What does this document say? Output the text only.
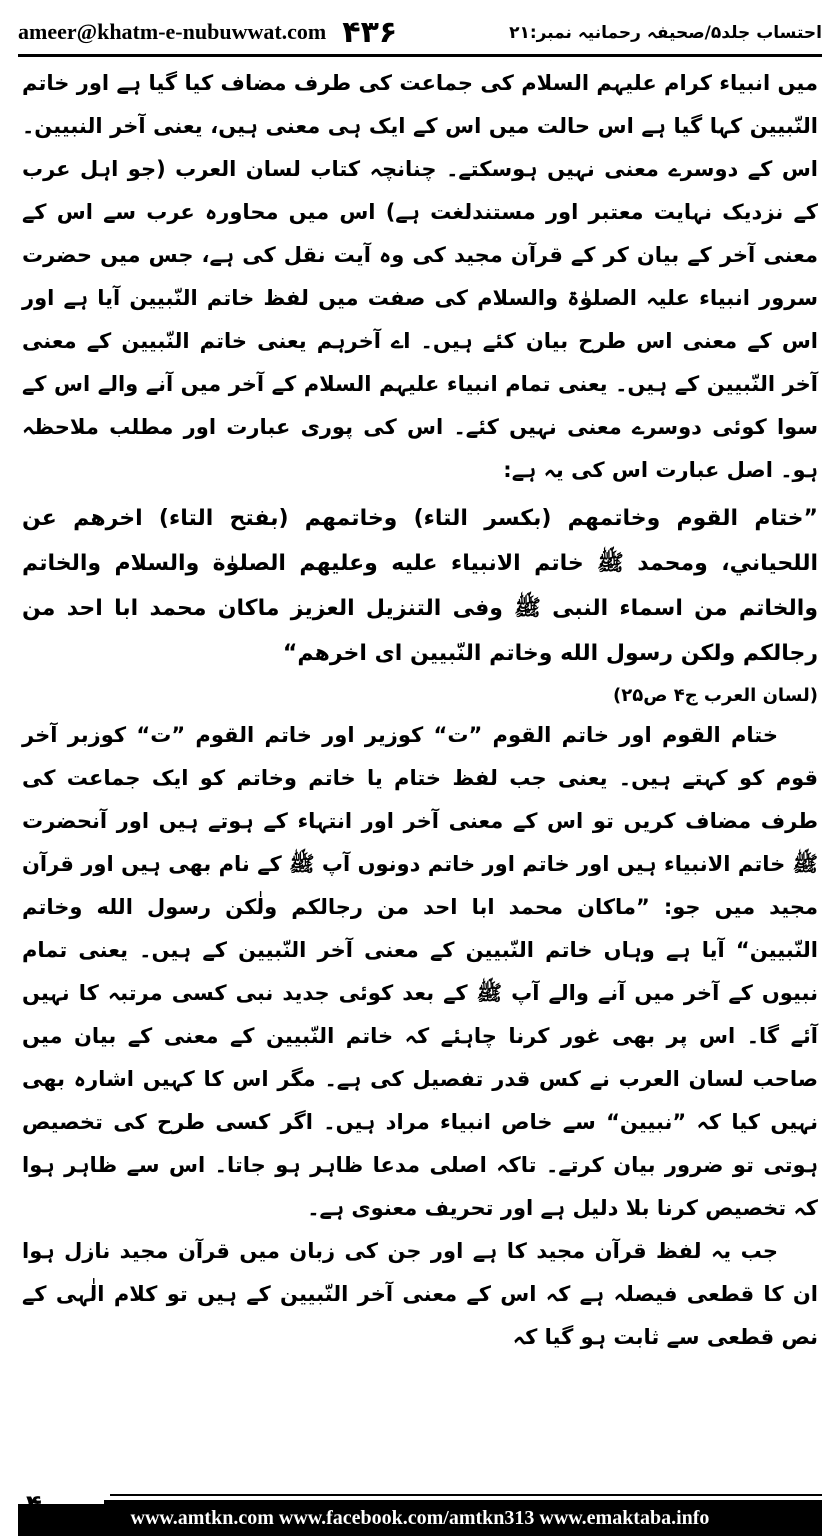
ameer@khatm-e-nubuwwat.com ۴۳۶	احتساب جلد۵/صحیفہ رحمانیہ نمبر:۲۱

میں انبیاء کرام علیہم السلام کی جماعت کی طرف مضاف کیا گیا ہے اور خاتم النّبیین کہا گیا ہے اس حالت میں اس کے ایک ہی معنی ہیں، یعنی آخر النبیین۔ اس کے دوسرے معنی نہیں ہوسکتے۔ چنانچہ کتاب لسان العرب (جو اہل عرب کے نزدیک نہایت معتبر اور مستندلغت ہے) اس میں محاورہ عرب سے اس کے معنی آخر کے بیان کر کے قرآن مجید کی وہ آیت نقل کی ہے، جس میں حضرت سرور انبیاء علیہ الصلوٰۃ والسلام کی صفت میں لفظ خاتم النّبیین آیا ہے اور اس کے معنی اس طرح بیان کئے ہیں۔ اے آخرہم یعنی خاتم النّبیین کے معنی آخر النّبیین کے ہیں۔ یعنی تمام انبیاء علیہم السلام کے آخر میں آنے والے اس کے سوا کوئی دوسرے معنی نہیں کئے۔ اس کی پوری عبارت اور مطلب ملاحظہ ہو۔ اصل عبارت اس کی یہ ہے:

”ختام القوم وخاتمهم (بكسر التاء) وخاتمهم (بفتح التاء) اخرهم عن اللحياني، ومحمد ﷺ خاتم الانبياء عليه وعليهم الصلوٰة والسلام والخاتم والخاتم من اسماء النبى ﷺ وفى التنزيل العزيز ماكان محمد ابا احد من رجالكم ولكن رسول الله وخاتم النّبيين اى اخرهم“

(لسان العرب ج۴ ص۲۵)

ختام القوم اور خاتم القوم ”ت“ کوزیر اور خاتم القوم ”ت“ کوزبر آخر قوم کو کہتے ہیں۔ یعنی جب لفظ ختام یا خاتم وخاتم کو ایک جماعت کی طرف مضاف کریں تو اس کے معنی آخر اور انتہاء کے ہوتے ہیں اور آنحضرت ﷺ خاتم الانبیاء ہیں اور خاتم اور خاتم دونوں آپ ﷺ کے نام بھی ہیں اور قرآن مجید میں جو: ”ماكان محمد ابا احد من رجالكم ولٰكن رسول الله وخاتم النّبيين“ آیا ہے وہاں خاتم النّبیین کے معنی آخر النّبیین کے ہیں۔ یعنی تمام نبیوں کے آخر میں آنے والے آپ ﷺ کے بعد کوئی جدید نبی کسی مرتبہ کا نہیں آئے گا۔ اس پر بھی غور کرنا چاہئے کہ خاتم النّبیین کے معنی کے بیان میں صاحب لسان العرب نے کس قدر تفصیل کی ہے۔ مگر اس کا کہیں اشارہ بھی نہیں کیا کہ ”نبیین“ سے خاص انبیاء مراد ہیں۔ اگر کسی طرح کی تخصیص ہوتی تو ضرور بیان کرتے۔ تاکہ اصلی مدعا ظاہر ہو جاتا۔ اس سے ظاہر ہوا کہ تخصیص کرنا بلا دلیل ہے اور تحریف معنوی ہے۔

جب یہ لفظ قرآن مجید کا ہے اور جن کی زبان میں قرآن مجید نازل ہوا ان کا قطعی فیصلہ ہے کہ اس کے معنی آخر النّبیین کے ہیں تو کلام الٰہی کے نص قطعی سے ثابت ہو گیا کہ

www.amtkn.com www.facebook.com/amtkn313 www.emaktaba.info
۴
